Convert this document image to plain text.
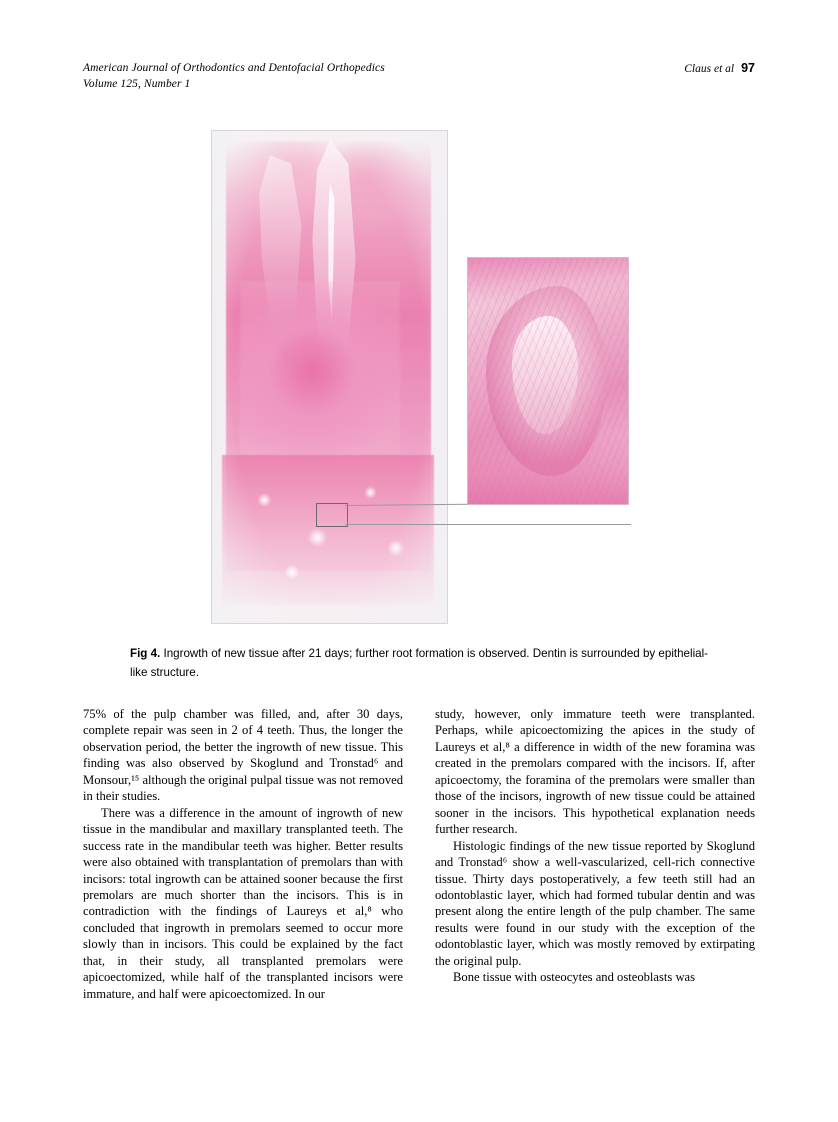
American Journal of Orthodontics and Dentofacial Orthopedics
Volume 125, Number 1
Claus et al 97
Fig 4. Ingrowth of new tissue after 21 days; further root formation is observed. Dentin is surrounded by epithelial-like structure.

75% of the pulp chamber was filled, and, after 30 days, complete repair was seen in 2 of 4 teeth. Thus, the longer the observation period, the better the ingrowth of new tissue. This finding was also observed by Skoglund and Tronstad⁶ and Monsour,¹⁵ although the original pulpal tissue was not removed in their studies.

There was a difference in the amount of ingrowth of new tissue in the mandibular and maxillary transplanted teeth. The success rate in the mandibular teeth was higher. Better results were also obtained with transplantation of premolars than with incisors: total ingrowth can be attained sooner because the first premolars are much shorter than the incisors. This is in contradiction with the findings of Laureys et al,⁸ who concluded that ingrowth in premolars seemed to occur more slowly than in incisors. This could be explained by the fact that, in their study, all transplanted premolars were apicoectomized, while half of the transplanted incisors were immature, and half were apicoectomized. In our

study, however, only immature teeth were transplanted. Perhaps, while apicoectomizing the apices in the study of Laureys et al,⁸ a difference in width of the new foramina was created in the premolars compared with the incisors. If, after apicoectomy, the foramina of the premolars were smaller than those of the incisors, ingrowth of new tissue could be attained sooner in the incisors. This hypothetical explanation needs further research.

Histologic findings of the new tissue reported by Skoglund and Tronstad⁶ show a well-vascularized, cell-rich connective tissue. Thirty days postoperatively, a few teeth still had an odontoblastic layer, which had formed tubular dentin and was present along the entire length of the pulp chamber. The same results were found in our study with the exception of the odontoblastic layer, which was mostly removed by extirpating the original pulp.

Bone tissue with osteocytes and osteoblasts was
